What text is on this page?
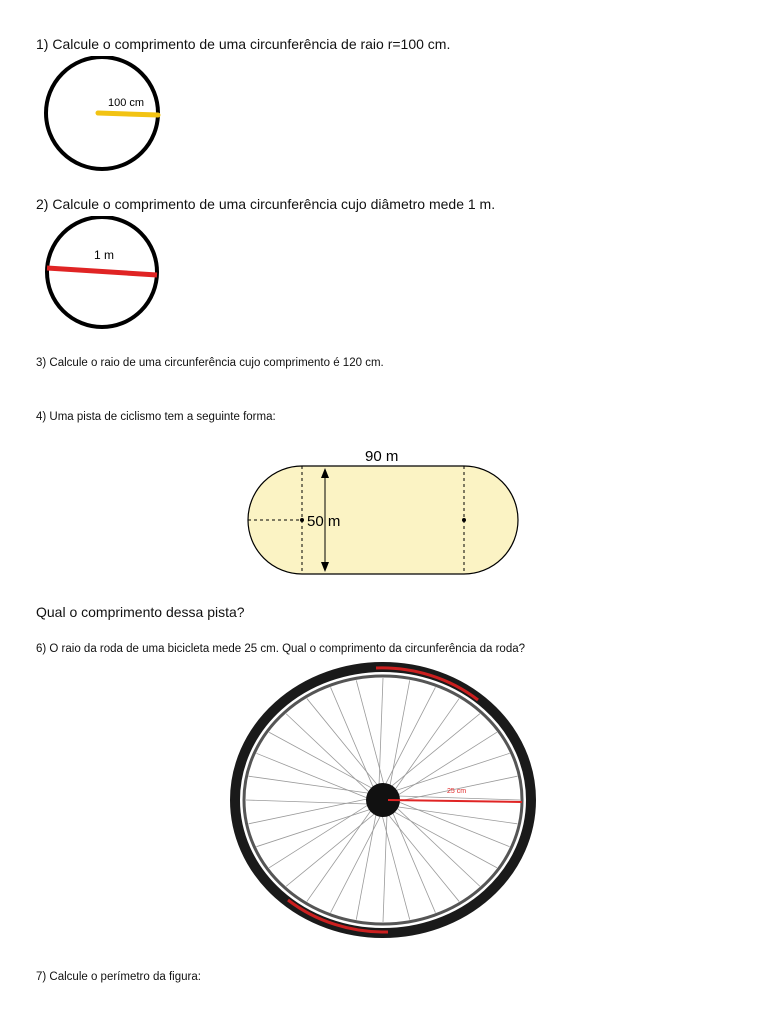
1) Calcule o comprimento de uma circunferência de raio r=100 cm.
100 cm
2) Calcule o comprimento de uma circunferência cujo diâmetro mede 1 m.
1 m
3) Calcule o raio de uma circunferência cujo comprimento é 120 cm.
4) Uma pista de ciclismo tem a seguinte forma:
50 m
90 m
Qual o comprimento dessa pista?
6) O raio da roda de uma bicicleta mede 25 cm. Qual o comprimento da circunferência da roda?
25 cm
7) Calcule o perímetro da figura:
